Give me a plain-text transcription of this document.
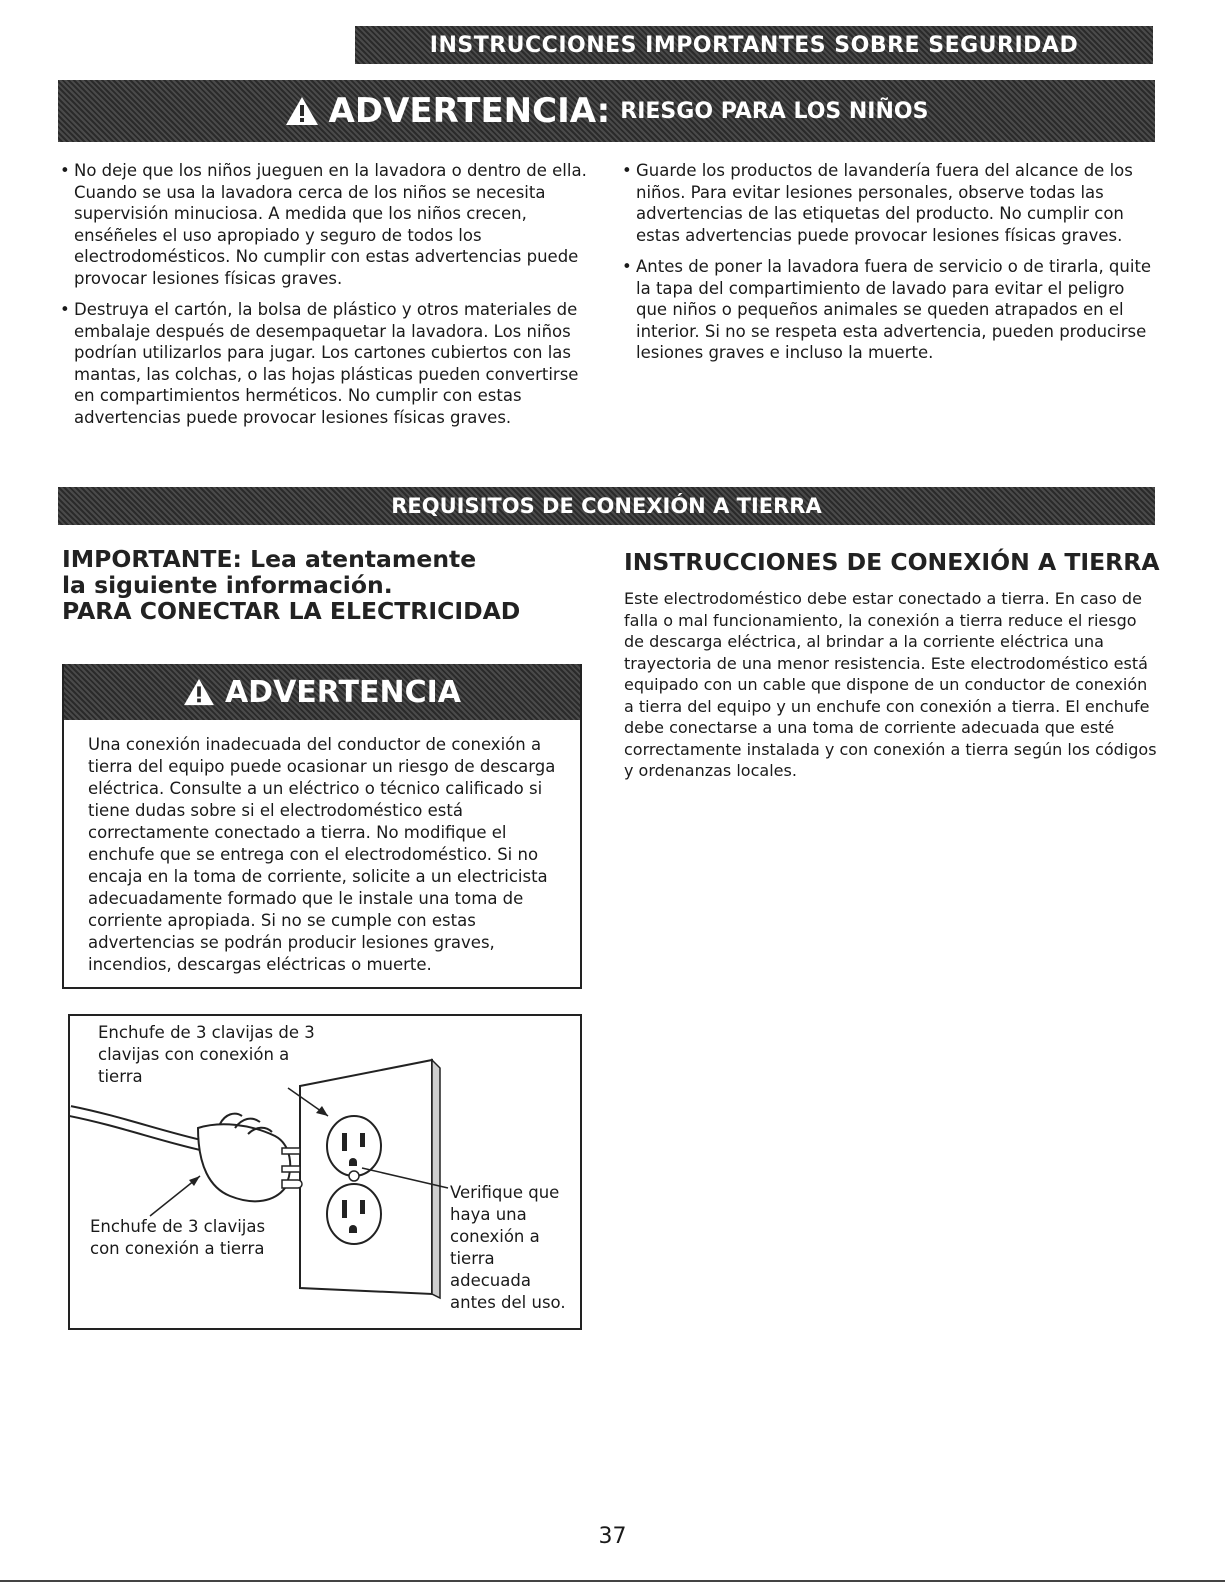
INSTRUCCIONES IMPORTANTES SOBRE SEGURIDAD
ADVERTENCIA: RIESGO PARA LOS NIÑOS
• No deje que los niños jueguen en la lavadora o dentro de ella. Cuando se usa la lavadora cerca de los niños se necesita supervisión minuciosa. A medida que los niños crecen, enséñeles el uso apropiado y seguro de todos los electrodomésticos. No cumplir con estas advertencias puede provocar lesiones físicas graves.
• Destruya el cartón, la bolsa de plástico y otros materiales de embalaje después de desempaquetar la lavadora. Los niños podrían utilizarlos para jugar. Los cartones cubiertos con las mantas, las colchas, o las hojas plásticas pueden convertirse en compartimientos herméticos. No cumplir con estas advertencias puede provocar lesiones físicas graves.
• Guarde los productos de lavandería fuera del alcance de los niños. Para evitar lesiones personales, observe todas las advertencias de las etiquetas del producto. No cumplir con estas advertencias puede provocar lesiones físicas graves.
• Antes de poner la lavadora fuera de servicio o de tirarla, quite la tapa del compartimiento de lavado para evitar el peligro que niños o pequeños animales se queden atrapados en el interior. Si no se respeta esta advertencia, pueden producirse lesiones graves e incluso la muerte.
REQUISITOS DE CONEXIÓN A TIERRA
IMPORTANTE: Lea atentamente
la siguiente información.
PARA CONECTAR LA ELECTRICIDAD
ADVERTENCIA

Una conexión inadecuada del conductor de conexión a tierra del equipo puede ocasionar un riesgo de descarga eléctrica. Consulte a un eléctrico o técnico calificado si tiene dudas sobre si el electrodoméstico está correctamente conectado a tierra. No modifique el enchufe que se entrega con el electrodoméstico. Si no encaja en la toma de corriente, solicite a un electricista adecuadamente formado que le instale una toma de corriente apropiada. Si no se cumple con estas advertencias se podrán producir lesiones graves, incendios, descargas eléctricas o muerte.

Enchufe de 3 clavijas de 3 clavijas con conexión a tierra

Enchufe de 3 clavijas con conexión a tierra

Verifique que haya una conexión a tierra adecuada antes del uso.

INSTRUCCIONES DE CONEXIÓN A TIERRA

Este electrodoméstico debe estar conectado a tierra. En caso de falla o mal funcionamiento, la conexión a tierra reduce el riesgo de descarga eléctrica, al brindar a la corriente eléctrica una trayectoria de una menor resistencia. Este electrodoméstico está equipado con un cable que dispone de un conductor de conexión a tierra del equipo y un enchufe con conexión a tierra. El enchufe debe conectarse a una toma de corriente adecuada que esté correctamente instalada y con conexión a tierra según los códigos y ordenanzas locales.

37
